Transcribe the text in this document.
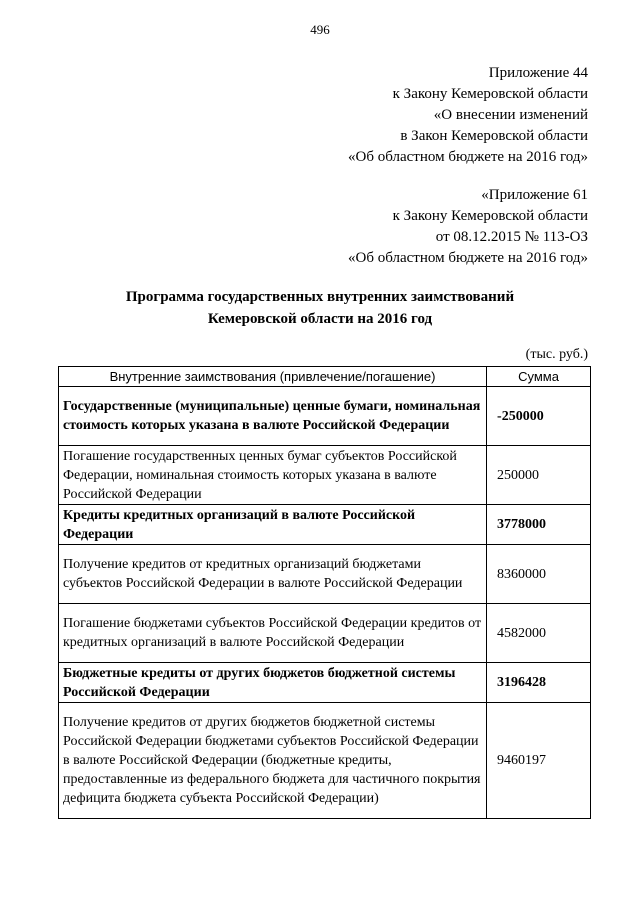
496
Приложение 44
к Закону Кемеровской области
«О внесении изменений
в Закон Кемеровской области
«Об областном бюджете на 2016 год»
«Приложение 61
к Закону Кемеровской области
от 08.12.2015 № 113-ОЗ
«Об областном бюджете на 2016 год»
Программа государственных внутренних заимствований
Кемеровской области на 2016 год
(тыс. руб.)
Внутренние заимствования (привлечение/погашение)	Сумма
Государственные (муниципальные) ценные бумаги, номинальная стоимость которых указана в валюте Российской Федерации	-250000
Погашение государственных ценных бумаг субъектов Российской Федерации, номинальная стоимость которых указана в валюте Российской Федерации	250000
Кредиты кредитных организаций в валюте Российской Федерации	3778000
Получение кредитов от кредитных организаций бюджетами субъектов Российской Федерации в валюте Российской Федерации	8360000
Погашение бюджетами субъектов Российской Федерации кредитов от кредитных организаций в валюте Российской Федерации	4582000
Бюджетные кредиты от других бюджетов бюджетной системы Российской Федерации	3196428
Получение кредитов от других бюджетов бюджетной системы Российской Федерации бюджетами субъектов Российской Федерации в валюте Российской Федерации (бюджетные кредиты, предоставленные из федерального бюджета для частичного покрытия дефицита бюджета субъекта Российской Федерации)	9460197
